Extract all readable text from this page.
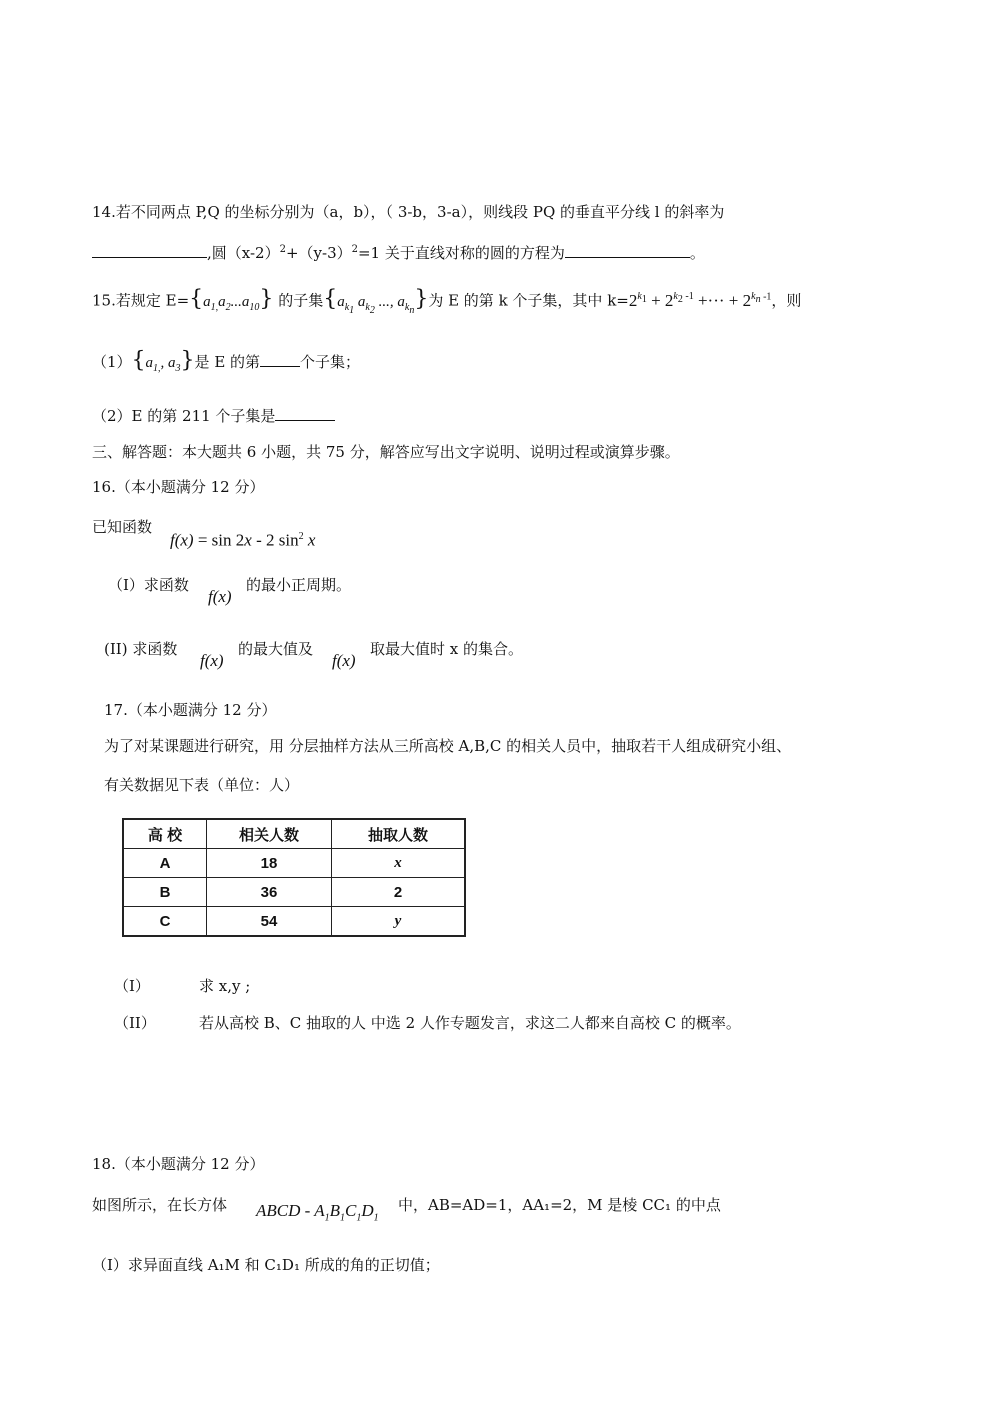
14.若不同两点 P,Q 的坐标分别为（a，b），（ 3-b，3-a），则线段 PQ 的垂直平分线 l 的斜率为
,圆$(x-2)^2+(y-3)^2=1$ 关于直线对称的圆的方程为	。
15.若规定 $E=\{a_{1,}a_2...a_{10}\}$ 的子集{$a_{k_1}$ $a_{k_2}$ ..., $a_{k_n}$}为 E 的第 k 个子集，其中 $k=2^{k_1} + 2^{k_2 -1}$ +··· + $2^{k_n -1}$，则
$(1)\{a_{1,}$, $a_3$}是 E 的第	个子集；
（2）E 的第 211 个子集是
三、解答题：本大题共 6 小题，共 75 分，解答应写出文字说明、说明过程或演算步骤。
16.（本小题满分 12 分）
已知函数
f(x) = sin 2x - 2 $\sin^2 x$
（I）求函数
f(x)
的最小正周期。
(II) 求函数
f(x)
的最大值及
f(x)
取最大值时 x 的集合。
17.（本小题满分 12 分）
为了对某课题进行研究，用 分层抽样方法从三所高校 A,B,C 的相关人员中，抽取若干人组成研究小组、
有关数据见下表（单位：人）
高 校	相关人数	抽取人数
A	18	x
B	36	2
C	54	y
（I）	求 x,y ;
（II）	若从高校 B、C 抽取的人 中选 2 人作专题发言，求这二人都来自高校 C 的概率。
18.（本小题满分 12 分）
如图所示，在长方体 ABCD - $A_1B_1C_1D_1$
中，AB=AD=1，AA₁=2，M 是棱 CC₁ 的中点
（Ⅰ）求异面直线 A₁M 和 C₁D₁ 所成的角的正切值；
